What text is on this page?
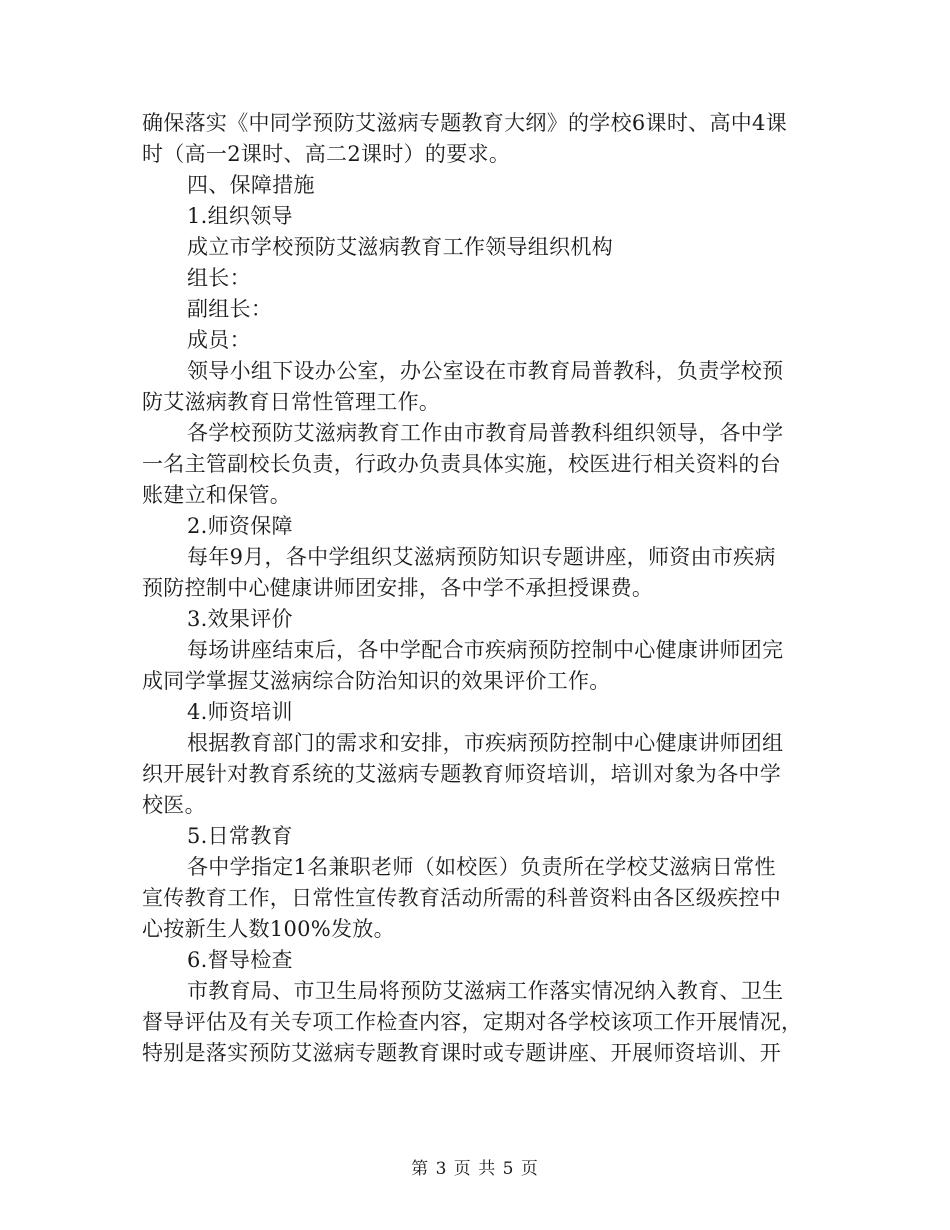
确保落实《中同学预防艾滋病专题教育大纲》的学校6课时、高中4课

时（高一2课时、高二2课时）的要求。

四、保障措施

1.组织领导

成立市学校预防艾滋病教育工作领导组织机构

组长：

副组长：

成员：

领导小组下设办公室，办公室设在市教育局普教科，负责学校预

防艾滋病教育日常性管理工作。

各学校预防艾滋病教育工作由市教育局普教科组织领导，各中学

一名主管副校长负责，行政办负责具体实施，校医进行相关资料的台

账建立和保管。

2.师资保障

每年9月，各中学组织艾滋病预防知识专题讲座，师资由市疾病

预防控制中心健康讲师团安排，各中学不承担授课费。

3.效果评价

每场讲座结束后，各中学配合市疾病预防控制中心健康讲师团完

成同学掌握艾滋病综合防治知识的效果评价工作。

4.师资培训

根据教育部门的需求和安排，市疾病预防控制中心健康讲师团组

织开展针对教育系统的艾滋病专题教育师资培训，培训对象为各中学

校医。

5.日常教育

各中学指定1名兼职老师（如校医）负责所在学校艾滋病日常性

宣传教育工作，日常性宣传教育活动所需的科普资料由各区级疾控中

心按新生人数100%发放。

6.督导检查

市教育局、市卫生局将预防艾滋病工作落实情况纳入教育、卫生

督导评估及有关专项工作检查内容，定期对各学校该项工作开展情况，

特别是落实预防艾滋病专题教育课时或专题讲座、开展师资培训、开

第 3 页 共 5 页
